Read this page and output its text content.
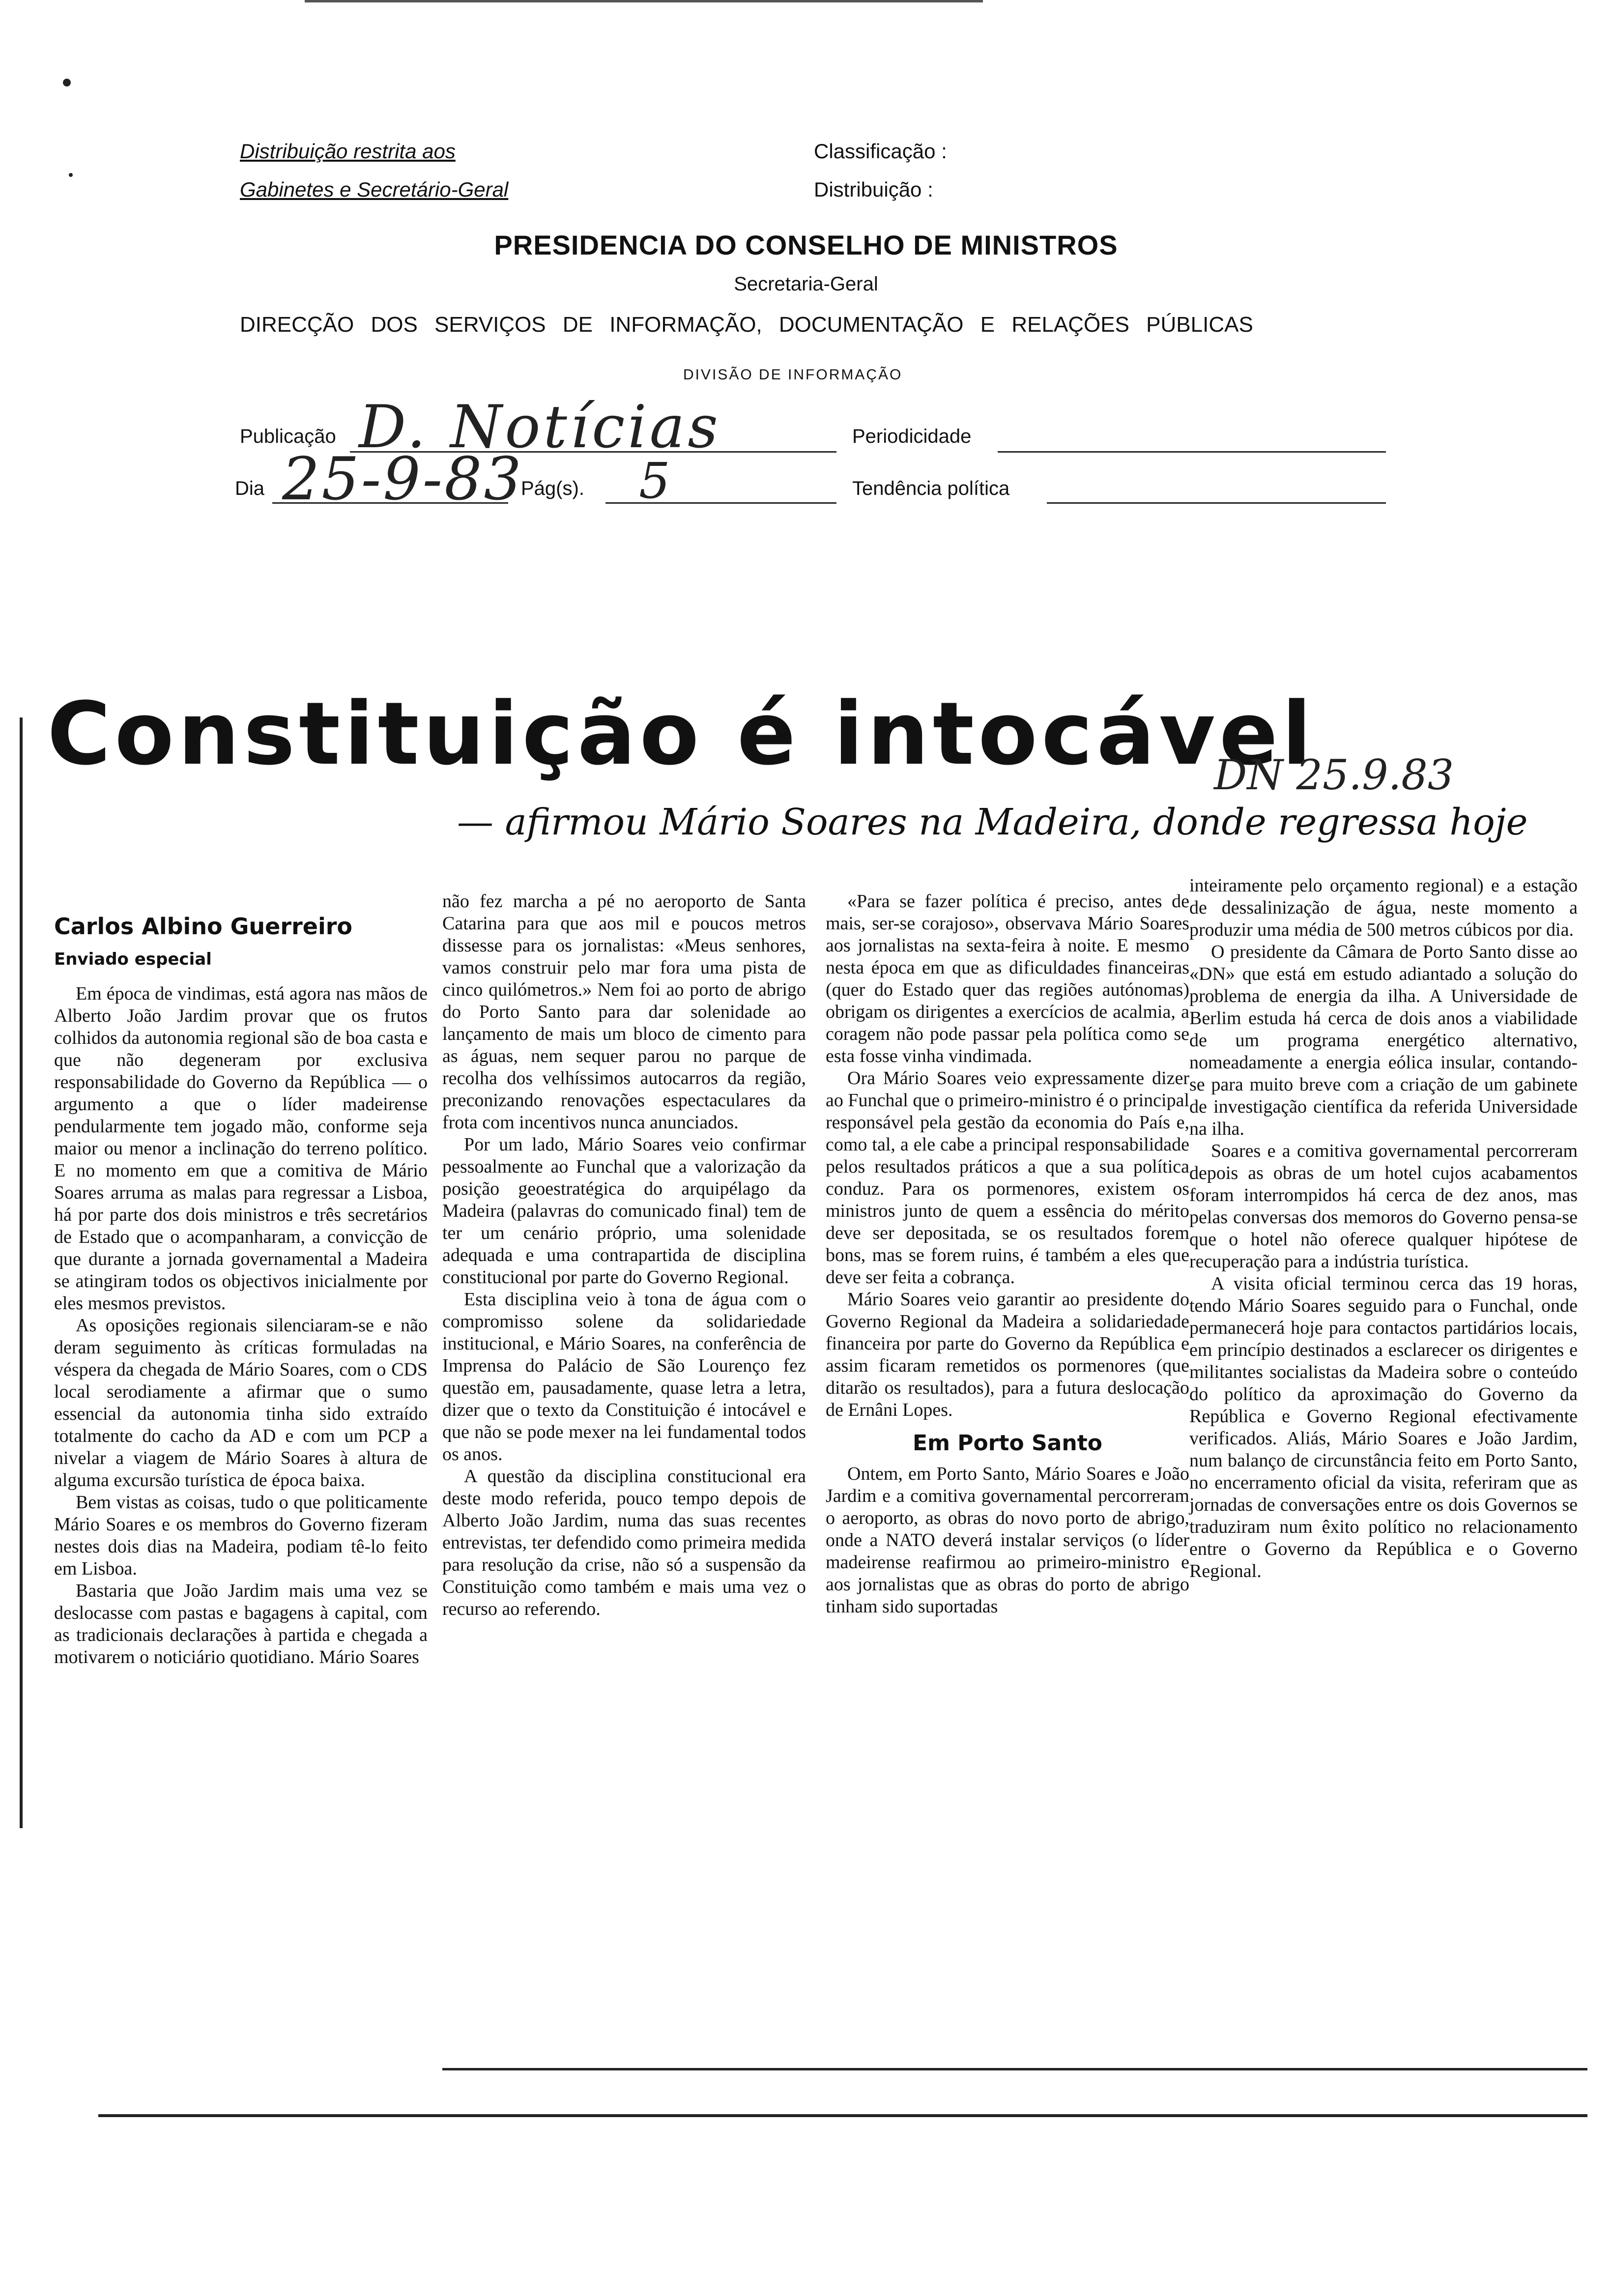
Distribuição restrita aos
Gabinetes e Secretário-Geral
Classificação :
Distribuição :
PRESIDENCIA DO CONSELHO DE MINISTROS
Secretaria-Geral
DIRECÇÃO DOS SERVIÇOS DE INFORMAÇÃO, DOCUMENTAÇÃO E RELAÇÕES PÚBLICAS
DIVISÃO DE INFORMAÇÃO
Publicação D. Notícias	Periodicidade
Dia 25-9-83
Pág(s). 5	Tendência política
Constituição é intocável
DN 25.9.83
— afirmou Mário Soares na Madeira, donde regressa hoje
Carlos Albino Guerreiro
Enviado especial

Em época de vindimas, está agora nas mãos de Alberto João Jardim provar que os frutos colhidos da autonomia regional são de boa casta e que não degeneram por exclusiva responsabilidade do Governo da República — o argumento a que o líder madeirense pendularmente tem jogado mão, conforme seja maior ou menor a inclinação do terreno político. E no momento em que a comitiva de Mário Soares arruma as malas para regressar a Lisboa, há por parte dos dois ministros e três secretários de Estado que o acompanharam, a convicção de que durante a jornada governamental a Madeira se atingiram todos os objectivos inicialmente por eles mesmos previstos.

As oposições regionais silenciaram-se e não deram seguimento às críticas formuladas na véspera da chegada de Mário Soares, com o CDS local serodiamente a afirmar que o sumo essencial da autonomia tinha sido extraído totalmente do cacho da AD e com um PCP a nivelar a viagem de Mário Soares à altura de alguma excursão turística de época baixa.

Bem vistas as coisas, tudo o que politicamente Mário Soares e os membros do Governo fizeram nestes dois dias na Madeira, podiam tê-lo feito em Lisboa.

Bastaria que João Jardim mais uma vez se deslocasse com pastas e bagagens à capital, com as tradicionais declarações à partida e chegada a motivarem o noticiário quotidiano. Mário Soares

não fez marcha a pé no aeroporto de Santa Catarina para que aos mil e poucos metros dissesse para os jornalistas: «Meus senhores, vamos construir pelo mar fora uma pista de cinco quilómetros.» Nem foi ao porto de abrigo do Porto Santo para dar solenidade ao lançamento de mais um bloco de cimento para as águas, nem sequer parou no parque de recolha dos velhíssimos autocarros da região, preconizando renovações espectaculares da frota com incentivos nunca anunciados.

Por um lado, Mário Soares veio confirmar pessoalmente ao Funchal que a valorização da posição geoestratégica do arquipélago da Madeira (palavras do comunicado final) tem de ter um cenário próprio, uma solenidade adequada e uma contrapartida de disciplina constitucional por parte do Governo Regional.

Esta disciplina veio à tona de água com o compromisso solene da solidariedade institucional, e Mário Soares, na conferência de Imprensa do Palácio de São Lourenço fez questão em, pausadamente, quase letra a letra, dizer que o texto da Constituição é intocável e que não se pode mexer na lei fundamental todos os anos.

A questão da disciplina constitucional era deste modo referida, pouco tempo depois de Alberto João Jardim, numa das suas recentes entrevistas, ter defendido como primeira medida para resolução da crise, não só a suspensão da Constituição como também e mais uma vez o recurso ao referendo.

«Para se fazer política é preciso, antes de mais, ser-se corajoso», observava Mário Soares aos jornalistas na sexta-feira à noite. E mesmo nesta época em que as dificuldades financeiras (quer do Estado quer das regiões autónomas) obrigam os dirigentes a exercícios de acalmia, a coragem não pode passar pela política como se esta fosse vinha vindimada.

Ora Mário Soares veio expressamente dizer ao Funchal que o primeiro-ministro é o principal responsável pela gestão da economia do País e, como tal, a ele cabe a principal responsabilidade pelos resultados práticos a que a sua política conduz. Para os pormenores, existem os ministros junto de quem a essência do mérito deve ser depositada, se os resultados forem bons, mas se forem ruins, é também a eles que deve ser feita a cobrança.

Mário Soares veio garantir ao presidente do Governo Regional da Madeira a solidariedade financeira por parte do Governo da República e assim ficaram remetidos os pormenores (que ditarão os resultados), para a futura deslocação de Ernâni Lopes.

Em Porto Santo

Ontem, em Porto Santo, Mário Soares e João Jardim e a comitiva governamental percorreram o aeroporto, as obras do novo porto de abrigo, onde a NATO deverá instalar serviços (o líder madeirense reafirmou ao primeiro-ministro e aos jornalistas que as obras do porto de abrigo tinham sido suportadas

inteiramente pelo orçamento regional) e a estação de dessalinização de água, neste momento a produzir uma média de 500 metros cúbicos por dia.

O presidente da Câmara de Porto Santo disse ao «DN» que está em estudo adiantado a solução do problema de energia da ilha. A Universidade de Berlim estuda há cerca de dois anos a viabilidade de um programa energético alternativo, nomeadamente a energia eólica insular, contando-se para muito breve com a criação de um gabinete de investigação científica da referida Universidade na ilha.

Soares e a comitiva governamental percorreram depois as obras de um hotel cujos acabamentos foram interrompidos há cerca de dez anos, mas pelas conversas dos memoros do Governo pensa-se que o hotel não oferece qualquer hipótese de recuperação para a indústria turística.

A visita oficial terminou cerca das 19 horas, tendo Mário Soares seguido para o Funchal, onde permanecerá hoje para contactos partidários locais, em princípio destinados a esclarecer os dirigentes e militantes socialistas da Madeira sobre o conteúdo do político da aproximação do Governo da República e Governo Regional efectivamente verificados. Aliás, Mário Soares e João Jardim, num balanço de circunstância feito em Porto Santo, no encerramento oficial da visita, referiram que as jornadas de conversações entre os dois Governos se traduziram num êxito político no relacionamento entre o Governo da República e o Governo Regional.
